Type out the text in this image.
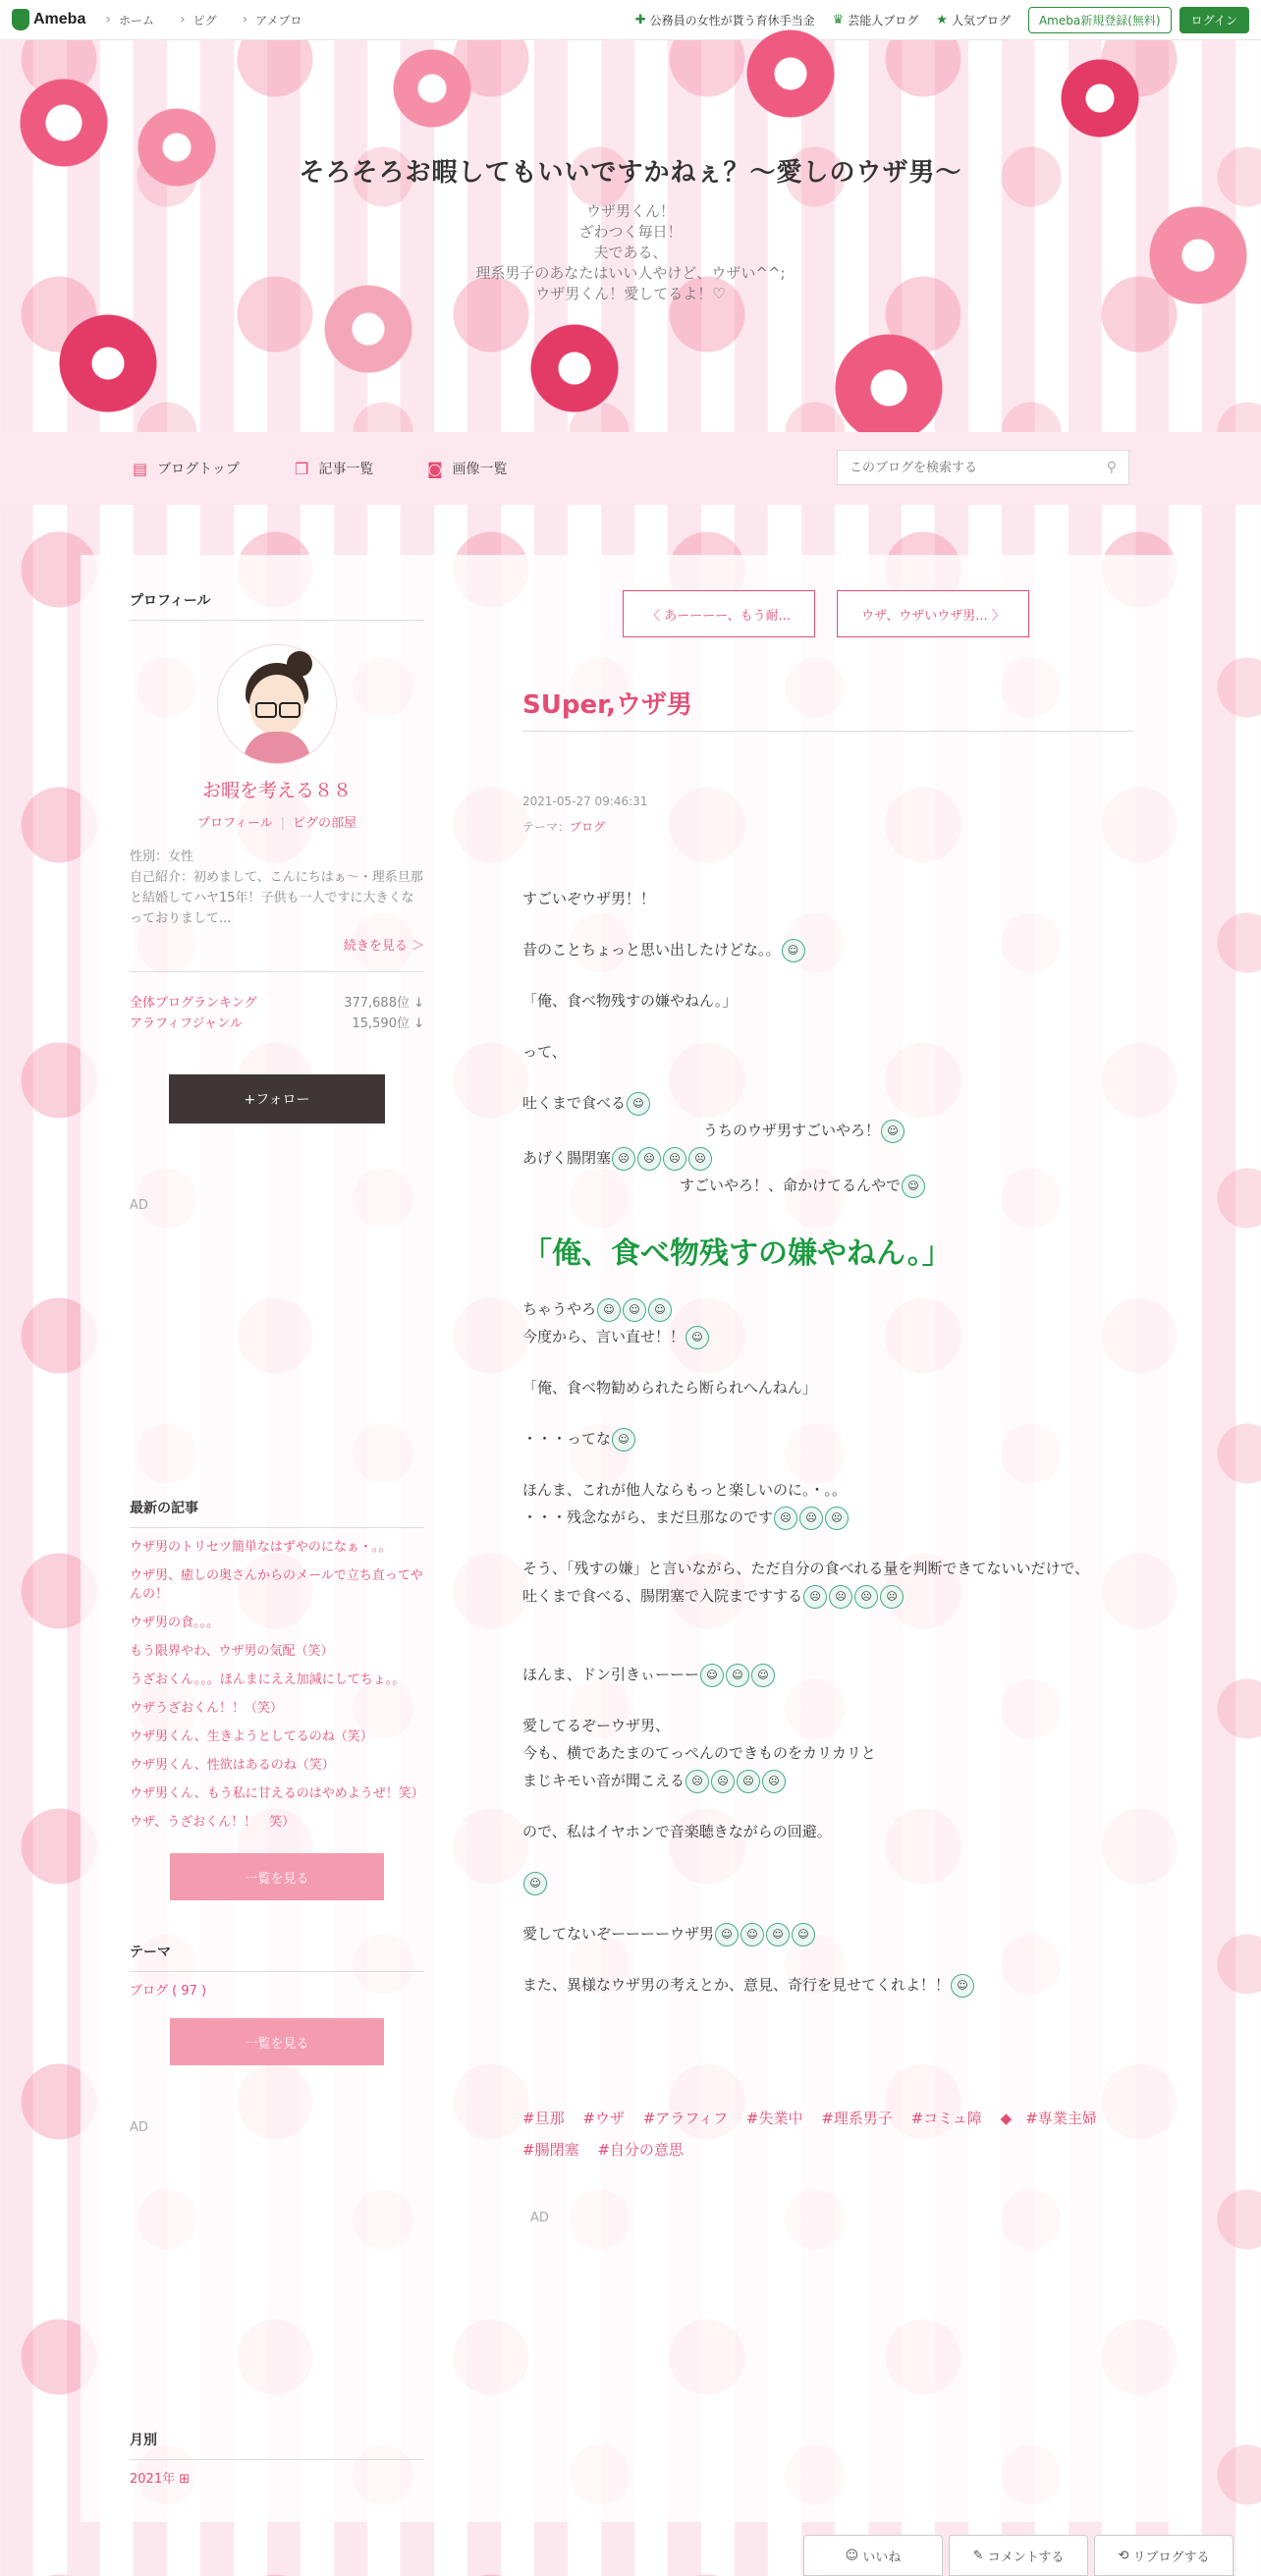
Ameba	› ホーム	› ピグ	› アメブロ	✚ 公務員の女性が貰う育休手当金 ♛ 芸能人ブログ ★ 人気ブログ	Ameba新規登録(無料)	ログイン
そろそろお暇してもいいですかねぇ？〜愛しのウザ男〜
ウザ男くん！
ざわつく毎日！
夫である、
理系男子のあなたはいい人やけど、ウザい^^;
ウザ男くん！愛してるよ！♡
▤ ブログトップ	❐ 記事一覧	◙ 画像一覧
このブログを検索する	⚲
プロフィール
お暇を考える８８
プロフィール | ピグの部屋
性別：女性
自己紹介：初めまして、こんにちはぁ〜・理系旦那と結婚してハヤ15年！子供も一人ですに大きくなっておりまして...
続きを見る ＞
全体ブログランキング	377,688位 ↓
アラフィフジャンル	15,590位 ↓
+フォロー
AD
最新の記事
ウザ男のトリセツ簡単なはずやのになぁ・。。
ウザ男、癒しの奥さんからのメールで立ち直ってやんの！
ウザ男の食。。。
もう限界やわ、ウザ男の気配（笑）
うざおくん。。。ほんまにええ加減にしてちょ。。
ウザうざおくん！！（笑）
ウザ男くん、生きようとしてるのね（笑）
ウザ男くん、性欲はあるのね（笑）
ウザ男くん、もう私に甘えるのはやめようぜ！笑）
ウザ、うざおくん！！　笑）
一覧を見る
テーマ
ブログ ( 97 )
一覧を見る
AD
月別
2021年 ⊞
〈 あーーーー、もう耐...	ウザ、ウザいウザ男... 〉
SUper,ウザ男
2021-05-27 09:46:31
テーマ：ブログ
すごいぞウザ男！！
昔のことちょっと思い出したけどな。。 ☺
「俺、食べ物残すの嫌やねん。」
って、
吐くまで食べる ☺
うちのウザ男すごいやろ！ ☺
あげく腸閉塞 ☹ ☹ ☹ ☹
すごいやろ！、命かけてるんやで ☺
「俺、食べ物残すの嫌やねん。」
ちゃうやろ ☺ ☺ ☺
今度から、言い直せ！！ ☺
「俺、食べ物勧められたら断られへんねん」
・・・ってな ☺
ほんま、これが他人ならもっと楽しいのに。・。。
・・・残念ながら、まだ旦那なのです ☹ ☹ ☹
そう、「残すの嫌」と言いながら、ただ自分の食べれる量を判断できてないいだけで、
吐くまで食べる、腸閉塞で入院まですする ☹ ☹ ☹ ☹
ほんま、ドン引きぃーーー ☺ ☺ ☺
愛してるぞーウザ男、
今も、横であたまのてっぺんのできものをカリカリと
まじキモい音が聞こえる ☹ ☹ ☹ ☹
ので、私はイヤホンで音楽聴きながらの回避。
☺
愛してないぞーーーーウザ男 ☺ ☺ ☺ ☺
また、異様なウザ男の考えとか、意見、奇行を見せてくれよ！！ ☺
#旦那 #ウザ #アラフィフ #失業中 #理系男子 #コミュ障 ◆ #専業主婦 #腸閉塞 #自分の意思
AD
☺ いいね	✎ コメントする	⟲ リブログする
